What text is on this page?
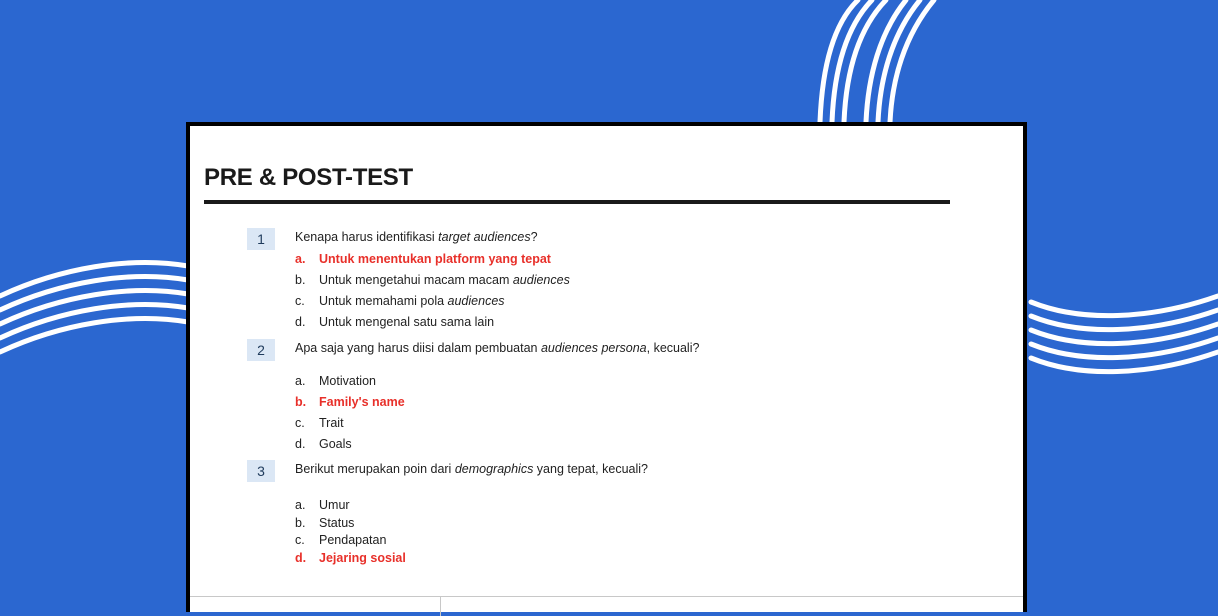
PRE & POST-TEST
1	Kenapa harus identifikasi target audiences?
a. Untuk menentukan platform yang tepat
b. Untuk mengetahui macam macam audiences
c. Untuk memahami pola audiences
d. Untuk mengenal satu sama lain
2	Apa saja yang harus diisi dalam pembuatan audiences persona, kecuali?
a. Motivation
b. Family's name
c. Trait
d. Goals
3	Berikut merupakan poin dari demographics yang tepat, kecuali?
a. Umur
b. Status
c. Pendapatan
d. Jejaring sosial
